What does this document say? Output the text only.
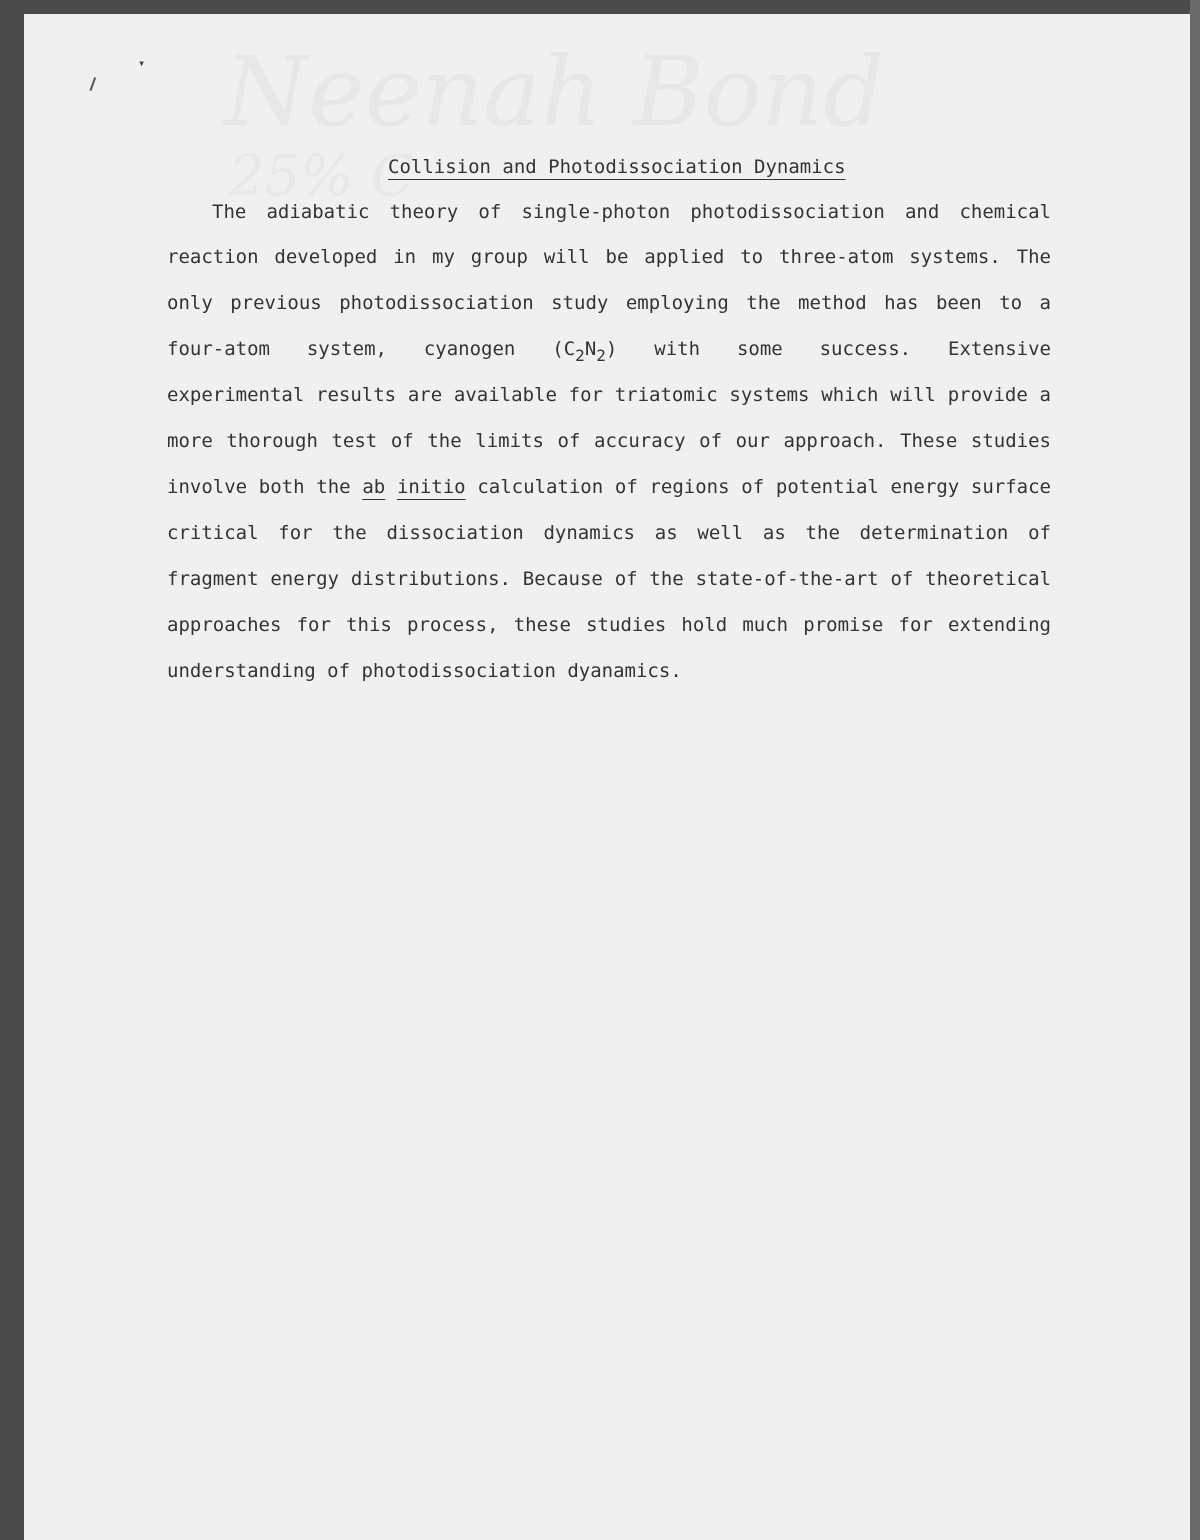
Neenah Bond
25% C
▾
Collision and Photodissociation Dynamics
The adiabatic theory of single-photon photodissociation and chemical
reaction developed in my group will be applied to three-atom systems. The
only previous photodissociation study employing the method has been to a
four-atom system, cyanogen $(C_2N_2)$ with some success. Extensive
experimental results are available for triatomic systems which will provide a
more thorough test of the limits of accuracy of our approach. These studies
involve both the ab initio calculation of regions of potential energy surface
critical for the dissociation dynamics as well as the determination of
fragment energy distributions. Because of the state-of-the-art of theoretical
approaches for this process, these studies hold much promise for extending
understanding of photodissociation dyanamics.
